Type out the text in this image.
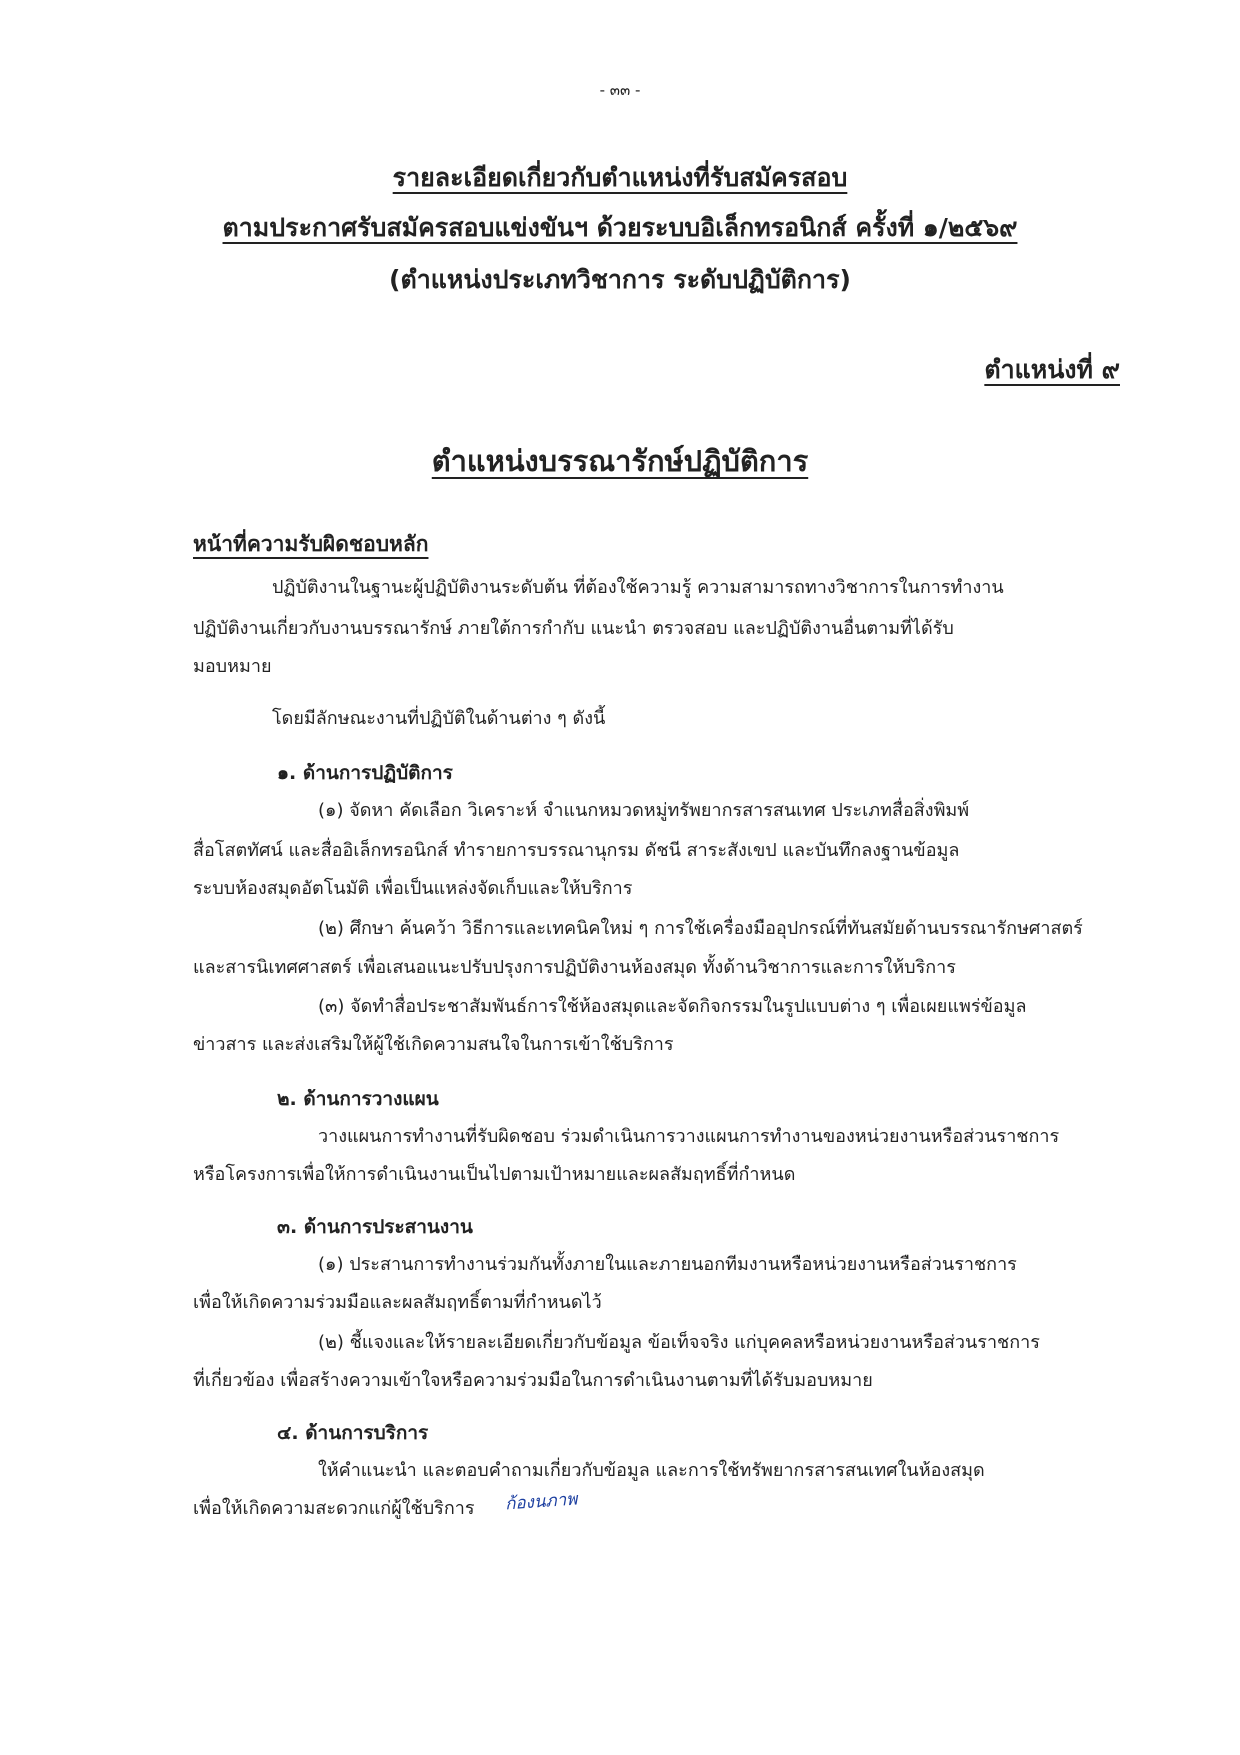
- ๓๓ -
รายละเอียดเกี่ยวกับตำแหน่งที่รับสมัครสอบ
ตามประกาศรับสมัครสอบแข่งขันฯ ด้วยระบบอิเล็กทรอนิกส์ ครั้งที่ ๑/๒๕๖๙
(ตำแหน่งประเภทวิชาการ ระดับปฏิบัติการ)
ตำแหน่งที่ ๙
ตำแหน่งบรรณารักษ์ปฏิบัติการ
หน้าที่ความรับผิดชอบหลัก
ปฏิบัติงานในฐานะผู้ปฏิบัติงานระดับต้น ที่ต้องใช้ความรู้ ความสามารถทางวิชาการในการทำงาน
ปฏิบัติงานเกี่ยวกับงานบรรณารักษ์ ภายใต้การกำกับ แนะนำ ตรวจสอบ และปฏิบัติงานอื่นตามที่ได้รับ
มอบหมาย
โดยมีลักษณะงานที่ปฏิบัติในด้านต่าง ๆ ดังนี้
๑. ด้านการปฏิบัติการ
(๑) จัดหา คัดเลือก วิเคราะห์ จำแนกหมวดหมู่ทรัพยากรสารสนเทศ ประเภทสื่อสิ่งพิมพ์
สื่อโสตทัศน์ และสื่ออิเล็กทรอนิกส์ ทำรายการบรรณานุกรม ดัชนี สาระสังเขป และบันทึกลงฐานข้อมูล
ระบบห้องสมุดอัตโนมัติ เพื่อเป็นแหล่งจัดเก็บและให้บริการ
(๒) ศึกษา ค้นคว้า วิธีการและเทคนิคใหม่ ๆ การใช้เครื่องมืออุปกรณ์ที่ทันสมัยด้านบรรณารักษศาสตร์
และสารนิเทศศาสตร์ เพื่อเสนอแนะปรับปรุงการปฏิบัติงานห้องสมุด ทั้งด้านวิชาการและการให้บริการ
(๓) จัดทำสื่อประชาสัมพันธ์การใช้ห้องสมุดและจัดกิจกรรมในรูปแบบต่าง ๆ เพื่อเผยแพร่ข้อมูล
ข่าวสาร และส่งเสริมให้ผู้ใช้เกิดความสนใจในการเข้าใช้บริการ
๒. ด้านการวางแผน
วางแผนการทำงานที่รับผิดชอบ ร่วมดำเนินการวางแผนการทำงานของหน่วยงานหรือส่วนราชการ
หรือโครงการเพื่อให้การดำเนินงานเป็นไปตามเป้าหมายและผลสัมฤทธิ์ที่กำหนด
๓. ด้านการประสานงาน
(๑) ประสานการทำงานร่วมกันทั้งภายในและภายนอกทีมงานหรือหน่วยงานหรือส่วนราชการ
เพื่อให้เกิดความร่วมมือและผลสัมฤทธิ์ตามที่กำหนดไว้
(๒) ชี้แจงและให้รายละเอียดเกี่ยวกับข้อมูล ข้อเท็จจริง แก่บุคคลหรือหน่วยงานหรือส่วนราชการ
ที่เกี่ยวข้อง เพื่อสร้างความเข้าใจหรือความร่วมมือในการดำเนินงานตามที่ได้รับมอบหมาย
๔. ด้านการบริการ
ให้คำแนะนำ และตอบคำถามเกี่ยวกับข้อมูล และการใช้ทรัพยากรสารสนเทศในห้องสมุด
เพื่อให้เกิดความสะดวกแก่ผู้ใช้บริการ ก้องนภาพ
